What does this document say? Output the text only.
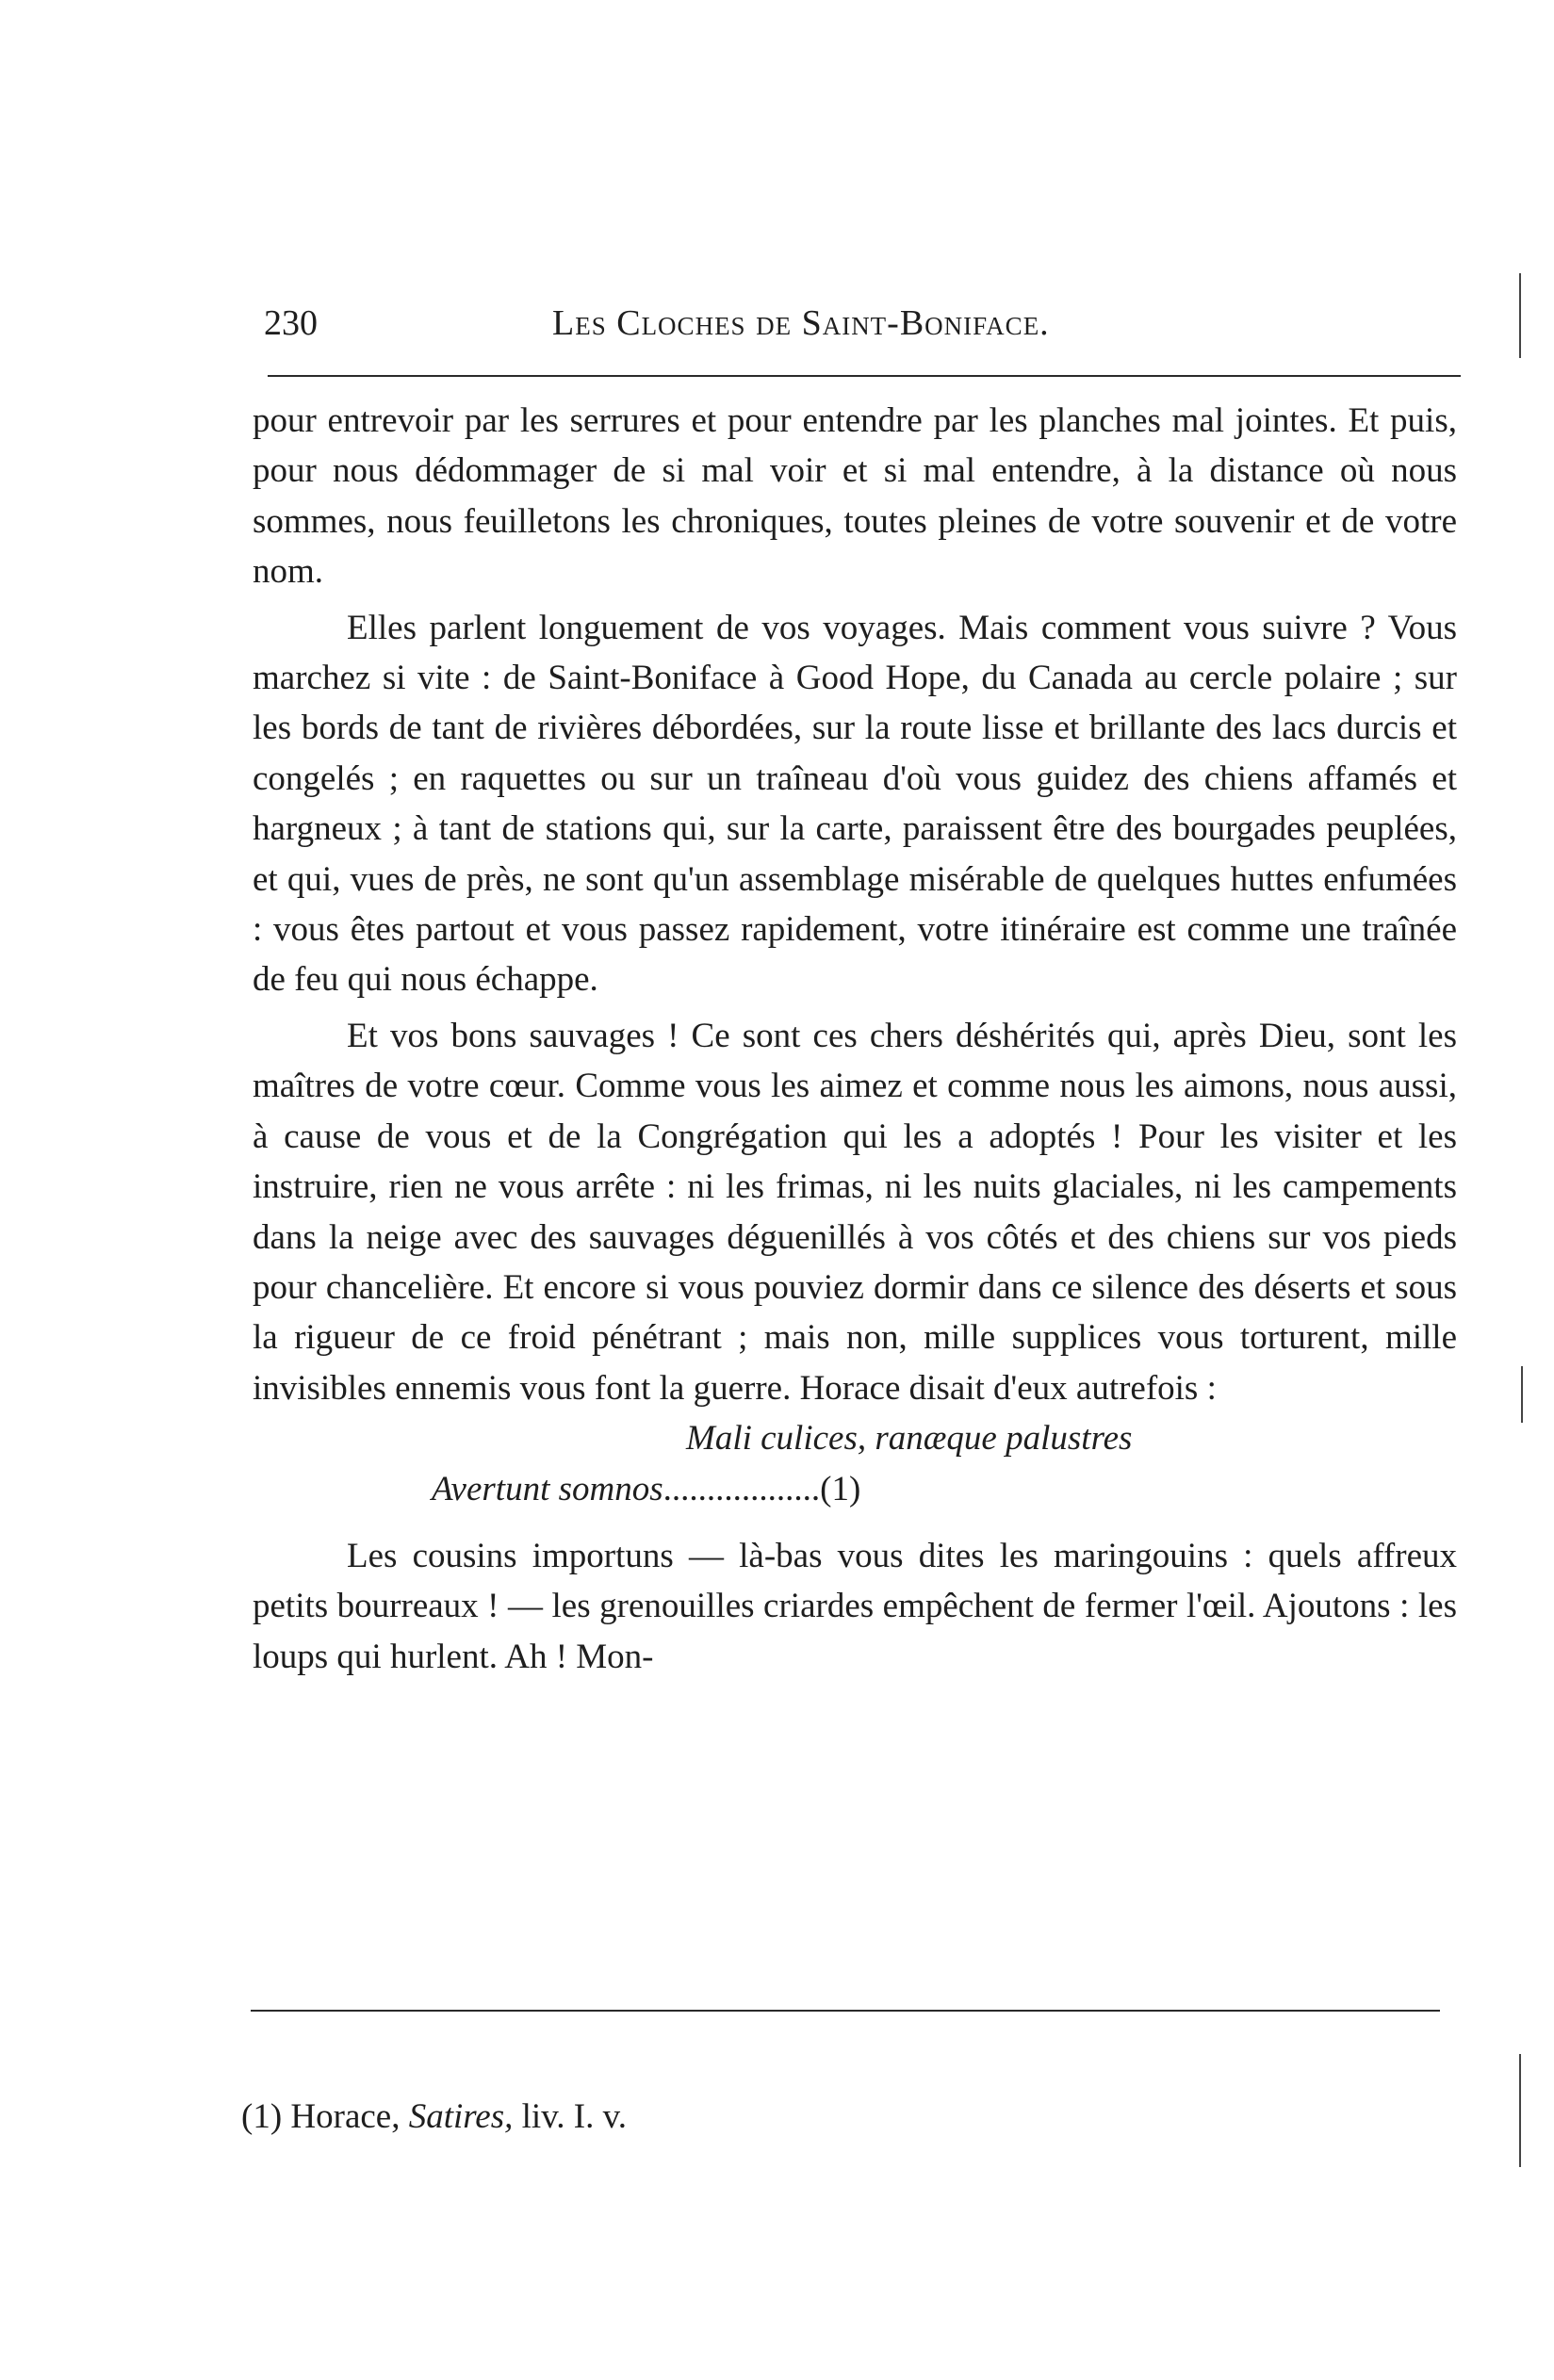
230	Les Cloches de Saint-Boniface.

pour entrevoir par les serrures et pour entendre par les planches mal jointes. Et puis, pour nous dédommager de si mal voir et si mal entendre, à la distance où nous sommes, nous feuilletons les chroniques, toutes pleines de votre souvenir et de votre nom.

Elles parlent longuement de vos voyages. Mais comment vous suivre ? Vous marchez si vite : de Saint-Boniface à Good Hope, du Canada au cercle polaire ; sur les bords de tant de rivières débordées, sur la route lisse et brillante des lacs durcis et congelés ; en raquettes ou sur un traîneau d'où vous guidez des chiens affamés et hargneux ; à tant de stations qui, sur la carte, paraissent être des bourgades peuplées, et qui, vues de près, ne sont qu'un assemblage misérable de quelques huttes enfumées : vous êtes partout et vous passez rapidement, votre itinéraire est comme une traînée de feu qui nous échappe.

Et vos bons sauvages ! Ce sont ces chers déshérités qui, après Dieu, sont les maîtres de votre cœur. Comme vous les aimez et comme nous les aimons, nous aussi, à cause de vous et de la Congrégation qui les a adoptés ! Pour les visiter et les instruire, rien ne vous arrête : ni les frimas, ni les nuits glaciales, ni les campements dans la neige avec des sauvages déguenillés à vos côtés et des chiens sur vos pieds pour chancelière. Et encore si vous pouviez dormir dans ce silence des déserts et sous la rigueur de ce froid pénétrant ; mais non, mille supplices vous torturent, mille invisibles ennemis vous font la guerre. Horace disait d'eux autrefois :

Mali culices, ranæque palustres
Avertunt somnos..................(1)

Les cousins importuns — là-bas vous dites les maringouins : quels affreux petits bourreaux ! — les grenouilles criardes empêchent de fermer l'œil. Ajoutons : les loups qui hurlent. Ah ! Mon-

(1) Horace, Satires, liv. I. v.
